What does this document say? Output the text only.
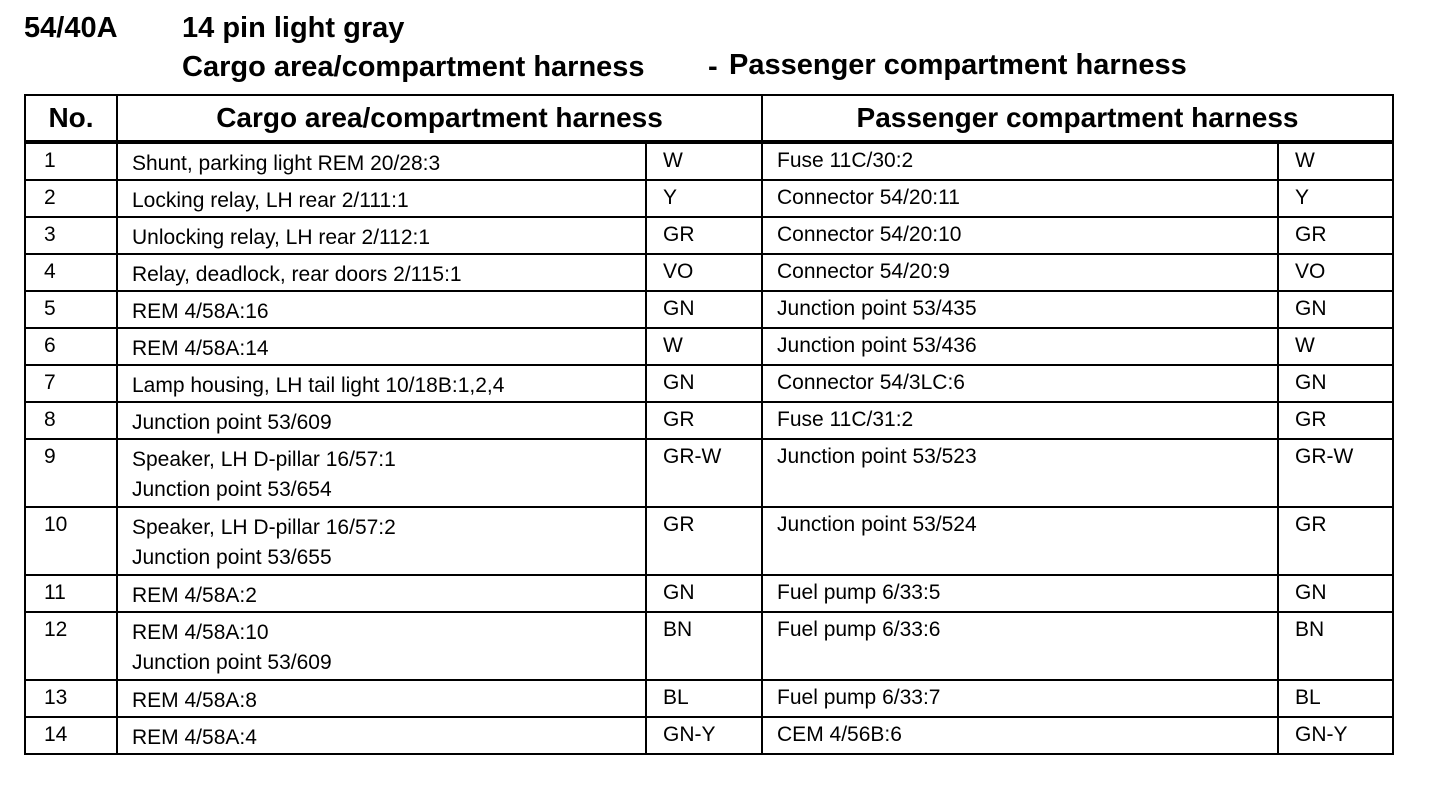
54/40A 14 pin light gray
Cargo area/compartment harness - Passenger compartment harness
No.	Cargo area/compartment harness		Passenger compartment harness	
1	Shunt, parking light REM 20/28:3	W	Fuse 11C/30:2	W
2	Locking relay, LH rear 2/111:1	Y	Connector 54/20:11	Y
3	Unlocking relay, LH rear 2/112:1	GR	Connector 54/20:10	GR
4	Relay, deadlock, rear doors 2/115:1	VO	Connector 54/20:9	VO
5	REM 4/58A:16	GN	Junction point 53/435	GN
6	REM 4/58A:14	W	Junction point 53/436	W
7	Lamp housing, LH tail light 10/18B:1,2,4	GN	Connector 54/3LC:6	GN
8	Junction point 53/609	GR	Fuse 11C/31:2	GR
9	Speaker, LH D-pillar 16/57:1
Junction point 53/654	GR-W	Junction point 53/523	GR-W
10	Speaker, LH D-pillar 16/57:2
Junction point 53/655	GR	Junction point 53/524	GR
11	REM 4/58A:2	GN	Fuel pump 6/33:5	GN
12	REM 4/58A:10
Junction point 53/609	BN	Fuel pump 6/33:6	BN
13	REM 4/58A:8	BL	Fuel pump 6/33:7	BL
14	REM 4/58A:4	GN-Y	CEM 4/56B:6	GN-Y
